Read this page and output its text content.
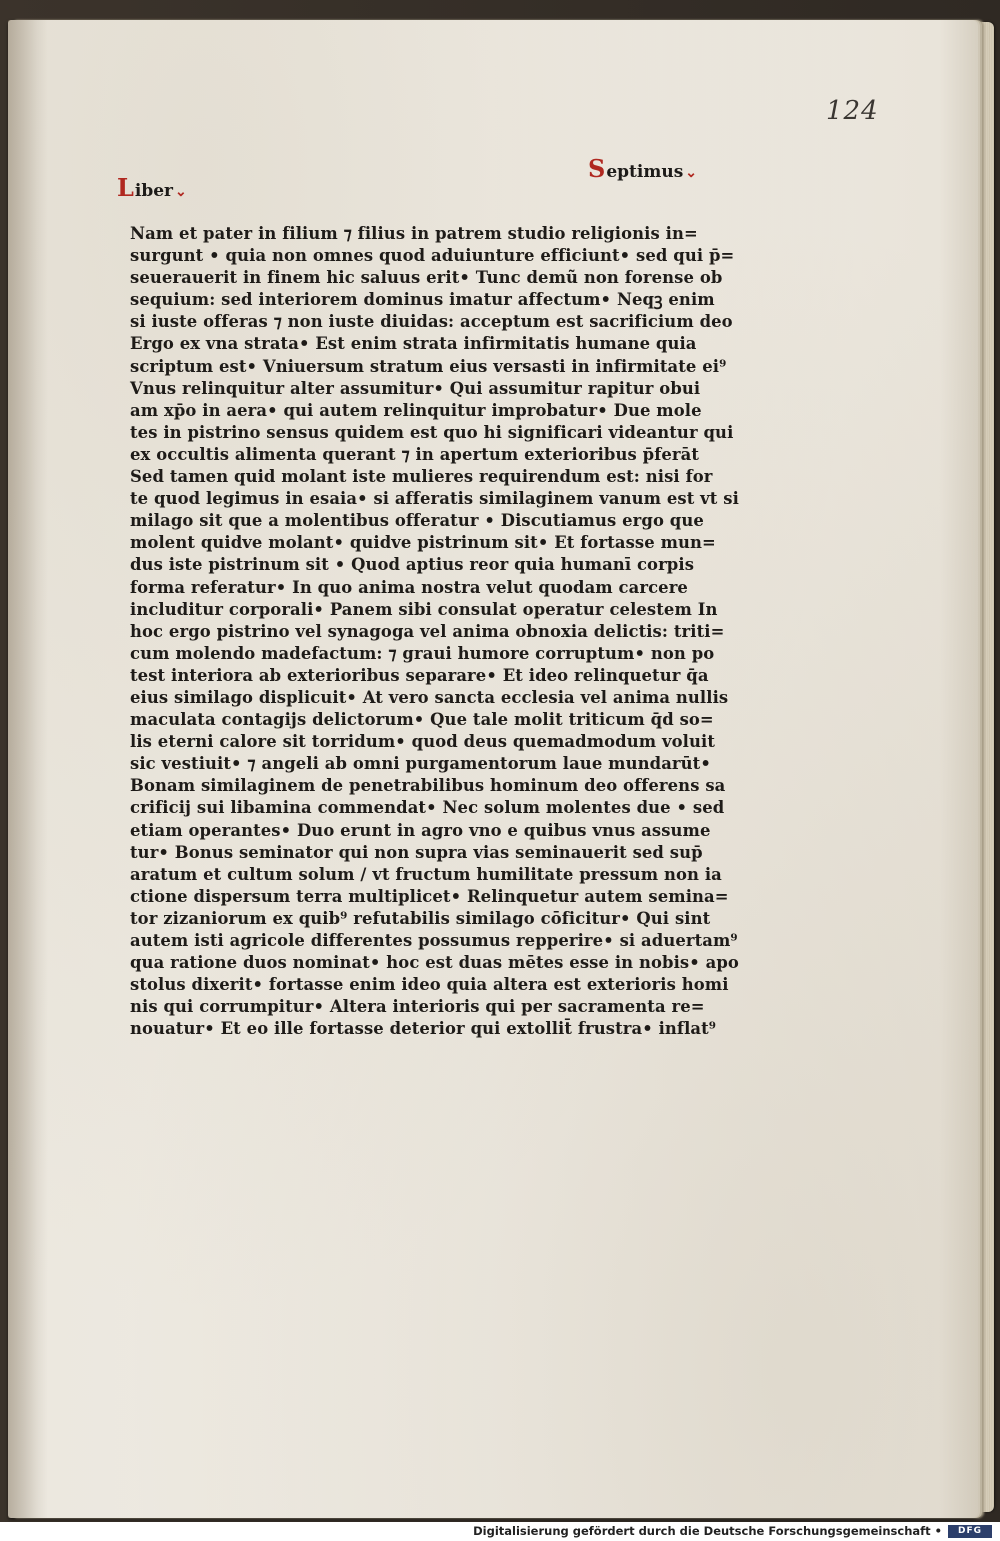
124
Liber ⌄
Septimus ⌄
Nam et pater in filium ⁊ filius in patrem studio religionis in=
surgunt • quia non omnes quod aduiunture efficiunt• sed qui p̄=
seuerauerit in finem hic saluus erit• Tunc demũ non forense ob
sequium: sed interiorem dominus imatur affectum• Neqꝫ enim
si iuste offeras ⁊ non iuste diuidas: acceptum est sacrificium deo
Ergo ex vna strata• Est enim strata infirmitatis humane quia
scriptum est• Vniuersum stratum eius versasti in infirmitate ei⁹
Vnus relinquitur alter assumitur• Qui assumitur rapitur obui
am xp̄o in aera• qui autem relinquitur improbatur• Due mole
tes in pistrino sensus quidem est quo hi significari videantur qui
ex occultis alimenta querant ⁊ in apertum exterioribus p̄ferāt
Sed tamen quid molant iste mulieres requirendum est: nisi for
te quod legimus in esaia• si afferatis similaginem vanum est vt si
milago sit que a molentibus offeratur • Discutiamus ergo que
molent quidve molant• quidve pistrinum sit• Et fortasse mun=
dus iste pistrinum sit • Quod aptius reor quia humanī corpis
forma referatur• In quo anima nostra velut quodam carcere
includitur corporali• Panem sibi consulat operatur celestem In
hoc ergo pistrino vel synagoga vel anima obnoxia delictis: triti=
cum molendo madefactum: ⁊ graui humore corruptum• non po
test interiora ab exterioribus separare• Et ideo relinquetur q̄a
eius similago displicuit• At vero sancta ecclesia vel anima nullis
maculata contagijs delictorum• Que tale molit triticum q̄d so=
lis eterni calore sit torridum• quod deus quemadmodum voluit
sic vestiuit• ⁊ angeli ab omni purgamentorum laue mundarūt•
Bonam similaginem de penetrabilibus hominum deo offerens sa
crificij sui libamina commendat• Nec solum molentes due • sed
etiam operantes• Duo erunt in agro vno e quibus vnus assume
tur• Bonus seminator qui non supra vias seminauerit sed sup̄
aratum et cultum solum / vt fructum humilitate pressum non ia
ctione dispersum terra multiplicet• Relinquetur autem semina=
tor zizaniorum ex quib⁹ refutabilis similago cōficitur• Qui sint
autem isti agricole differentes possumus repperire• si aduertam⁹
qua ratione duos nominat• hoc est duas mētes esse in nobis• apo
stolus dixerit• fortasse enim ideo quia altera est exterioris homi
nis qui corrumpitur• Altera interioris qui per sacramenta re=
nouatur• Et eo ille fortasse deterior qui extollit̄ frustra• inflat⁹
Digitalisierung gefördert durch die Deutsche Forschungsgemeinschaft •	DFG
